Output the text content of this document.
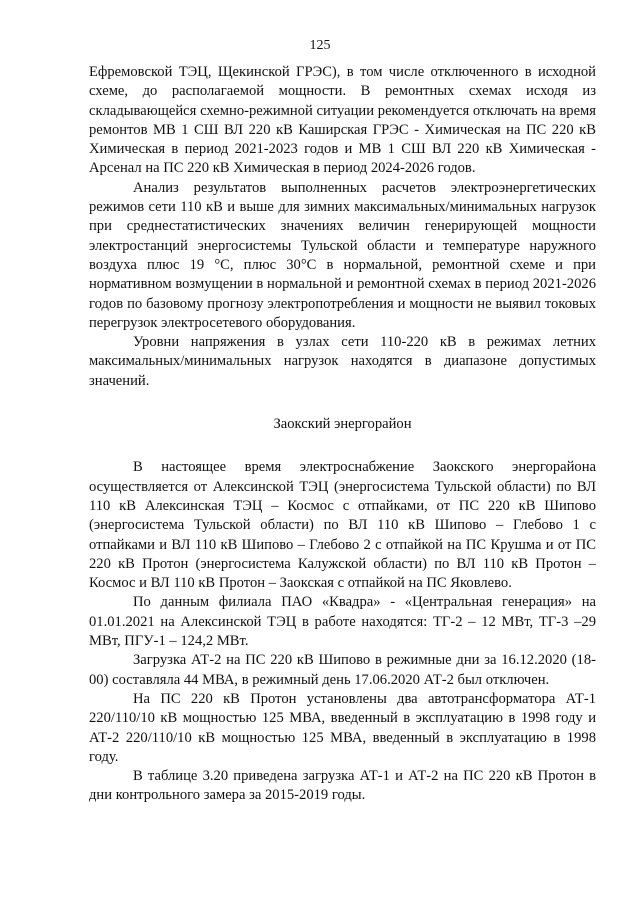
125

Ефремовской ТЭЦ, Щекинской ГРЭС), в том числе отключенного в исходной схеме, до располагаемой мощности. В ремонтных схемах исходя из складывающейся схемно-режимной ситуации рекомендуется отключать на время ремонтов МВ 1 СШ ВЛ 220 кВ Каширская ГРЭС - Химическая на ПС 220 кВ Химическая в период 2021-2023 годов и МВ 1 СШ ВЛ 220 кВ Химическая - Арсенал на ПС 220 кВ Химическая в период 2024-2026 годов.

Анализ результатов выполненных расчетов электроэнергетических режимов сети 110 кВ и выше для зимних максимальных/минимальных нагрузок при среднестатистических значениях величин генерирующей мощности электростанций энергосистемы Тульской области и температуре наружного воздуха плюс 19 °С, плюс 30°С в нормальной, ремонтной схеме и при нормативном возмущении в нормальной и ремонтной схемах в период 2021-2026 годов по базовому прогнозу электропотребления и мощности не выявил токовых перегрузок электросетевого оборудования.

Уровни напряжения в узлах сети 110-220 кВ в режимах летних максимальных/минимальных нагрузок находятся в диапазоне допустимых значений.

Заокский энергорайон

В настоящее время электроснабжение Заокского энергорайона осуществляется от Алексинской ТЭЦ (энергосистема Тульской области) по ВЛ 110 кВ Алексинская ТЭЦ – Космос с отпайками, от ПС 220 кВ Шипово (энергосистема Тульской области) по ВЛ 110 кВ Шипово – Глебово 1 с отпайками и ВЛ 110 кВ Шипово – Глебово 2 с отпайкой на ПС Крушма и от ПС 220 кВ Протон (энергосистема Калужской области) по ВЛ 110 кВ Протон – Космос и ВЛ 110 кВ Протон – Заокская с отпайкой на ПС Яковлево.

По данным филиала ПАО «Квадра» - «Центральная генерация» на 01.01.2021 на Алексинской ТЭЦ в работе находятся: ТГ-2 – 12 МВт, ТГ-3 –29 МВт, ПГУ-1 – 124,2 МВт.

Загрузка АТ-2 на ПС 220 кВ Шипово в режимные дни за 16.12.2020 (18-00) составляла 44 МВА, в режимный день 17.06.2020 АТ-2 был отключен.

На ПС 220 кВ Протон установлены два автотрансформатора АТ-1 220/110/10 кВ мощностью 125 МВА, введенный в эксплуатацию в 1998 году и АТ-2 220/110/10 кВ мощностью 125 МВА, введенный в эксплуатацию в 1998 году.

В таблице 3.20 приведена загрузка АТ-1 и АТ-2 на ПС 220 кВ Протон в дни контрольного замера за 2015-2019 годы.
